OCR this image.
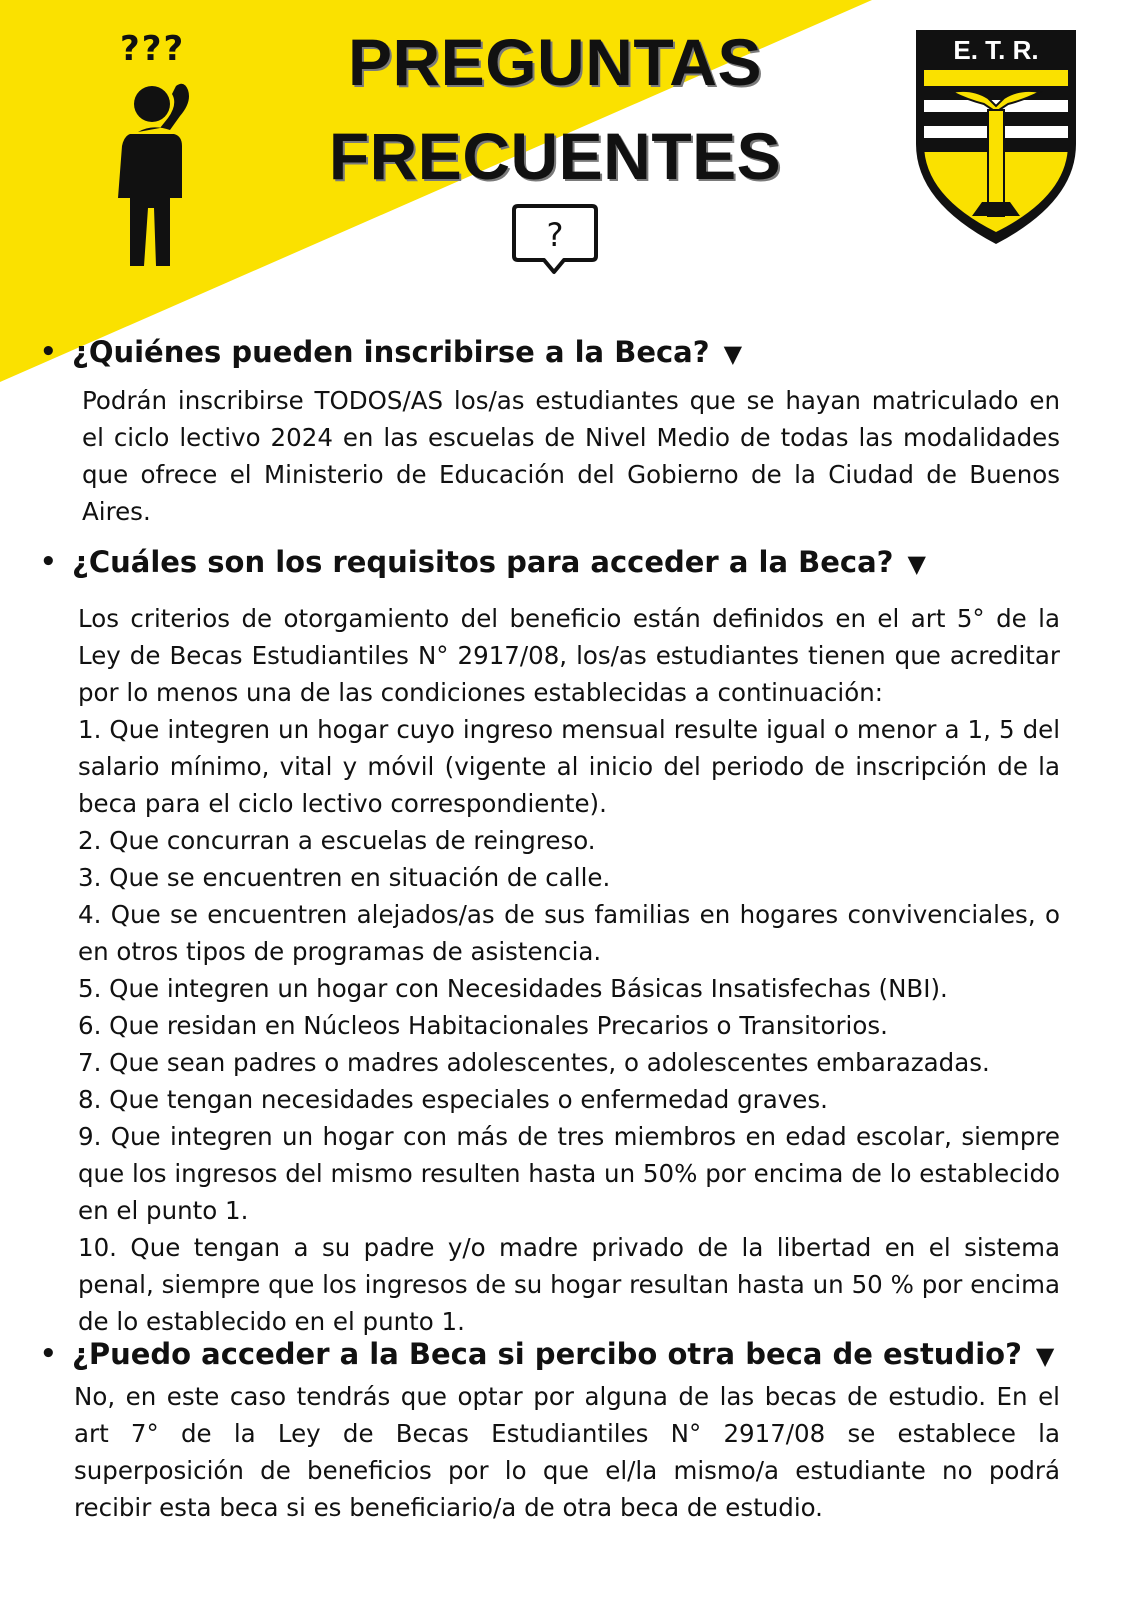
???	PREGUNTAS
FRECUENTES
?
E. T. R.
• ¿Quiénes pueden inscribirse a la Beca? ▼

Podrán inscribirse TODOS/AS los/as estudiantes que se hayan matriculado en el ciclo lectivo 2024 en las escuelas de Nivel Medio de todas las modalidades que ofrece el Ministerio de Educación del Gobierno de la Ciudad de Buenos Aires.

• ¿Cuáles son los requisitos para acceder a la Beca? ▼
Los criterios de otorgamiento del beneficio están definidos en el art 5° de la Ley de Becas Estudiantiles N° 2917/08, los/as estudiantes tienen que acreditar por lo menos una de las condiciones establecidas a continuación:
1. Que integren un hogar cuyo ingreso mensual resulte igual o menor a 1, 5 del salario mínimo, vital y móvil (vigente al inicio del periodo de inscripción de la beca para el ciclo lectivo correspondiente).
2. Que concurran a escuelas de reingreso.
3. Que se encuentren en situación de calle.
4. Que se encuentren alejados/as de sus familias en hogares convivenciales, o en otros tipos de programas de asistencia.
5. Que integren un hogar con Necesidades Básicas Insatisfechas (NBI).
6. Que residan en Núcleos Habitacionales Precarios o Transitorios.
7. Que sean padres o madres adolescentes, o adolescentes embarazadas.
8. Que tengan necesidades especiales o enfermedad graves.
9. Que integren un hogar con más de tres miembros en edad escolar, siempre que los ingresos del mismo resulten hasta un 50% por encima de lo establecido en el punto 1.
10. Que tengan a su padre y/o madre privado de la libertad en el sistema penal, siempre que los ingresos de su hogar resultan hasta un 50 % por encima de lo establecido en el punto 1.
• ¿Puedo acceder a la Beca si percibo otra beca de estudio? ▼

No, en este caso tendrás que optar por alguna de las becas de estudio. En el art 7° de la Ley de Becas Estudiantiles N° 2917/08 se establece la superposición de beneficios por lo que el/la mismo/a estudiante no podrá recibir esta beca si es beneficiario/a de otra beca de estudio.
